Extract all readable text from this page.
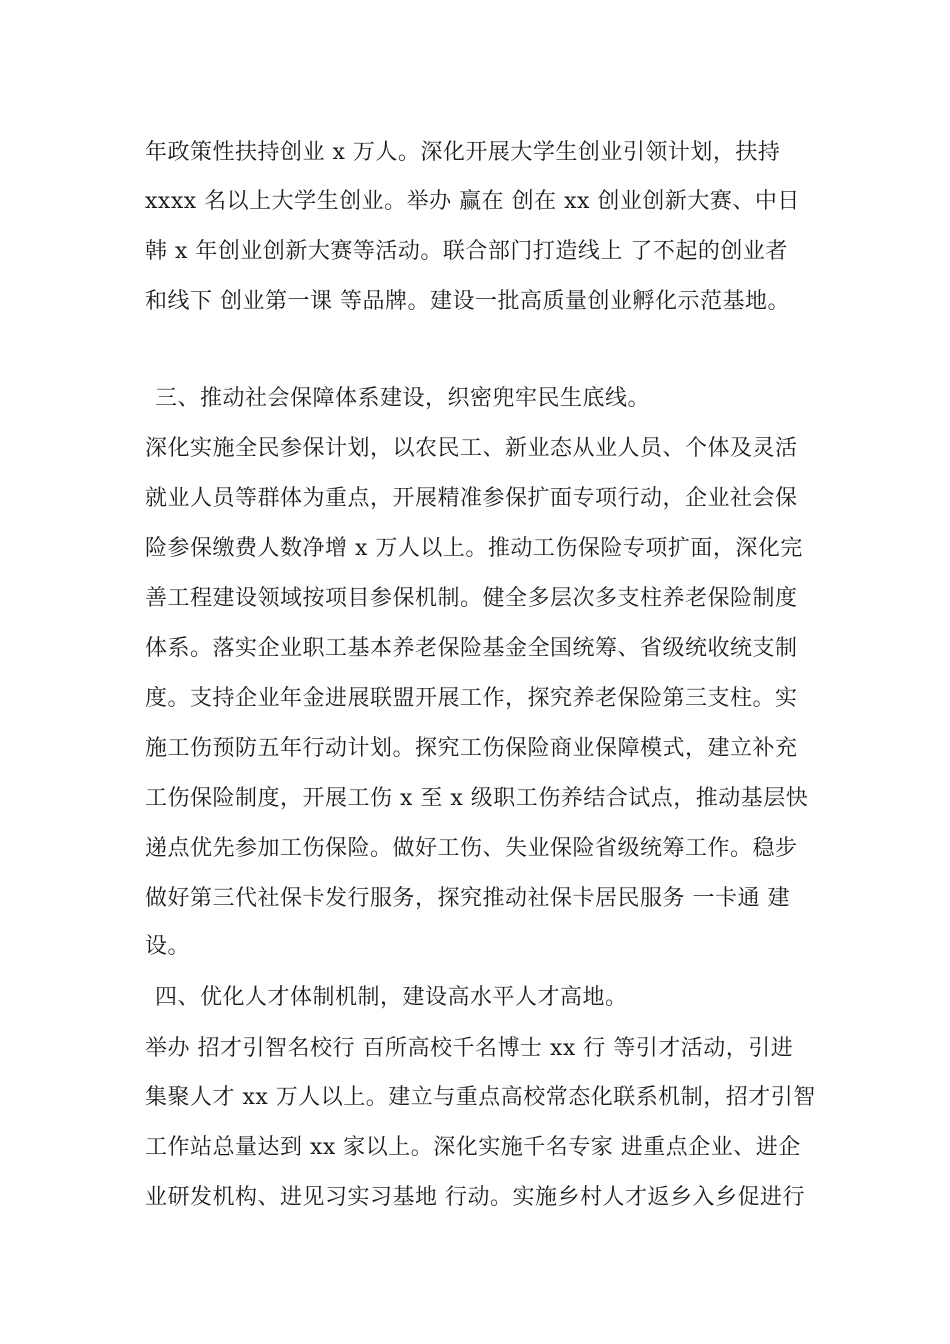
年政策性扶持创业 x 万人。深化开展大学生创业引领计划，扶持
xxxx 名以上大学生创业。举办 赢在 创在 xx 创业创新大赛、中日
韩 x 年创业创新大赛等活动。联合部门打造线上 了不起的创业者
和线下 创业第一课 等品牌。建设一批高质量创业孵化示范基地。
三、推动社会保障体系建设，织密兜牢民生底线。
深化实施全民参保计划，以农民工、新业态从业人员、个体及灵活
就业人员等群体为重点，开展精准参保扩面专项行动，企业社会保
险参保缴费人数净增 x 万人以上。推动工伤保险专项扩面，深化完
善工程建设领域按项目参保机制。健全多层次多支柱养老保险制度
体系。落实企业职工基本养老保险基金全国统筹、省级统收统支制
度。支持企业年金进展联盟开展工作，探究养老保险第三支柱。实
施工伤预防五年行动计划。探究工伤保险商业保障模式，建立补充
工伤保险制度，开展工伤 x 至 x 级职工伤养结合试点，推动基层快
递点优先参加工伤保险。做好工伤、失业保险省级统筹工作。稳步
做好第三代社保卡发行服务，探究推动社保卡居民服务 一卡通 建
设。
四、优化人才体制机制，建设高水平人才高地。
举办 招才引智名校行 百所高校千名博士 xx 行 等引才活动，引进
集聚人才 xx 万人以上。建立与重点高校常态化联系机制，招才引智
工作站总量达到 xx 家以上。深化实施千名专家 进重点企业、进企
业研发机构、进见习实习基地 行动。实施乡村人才返乡入乡促进行
